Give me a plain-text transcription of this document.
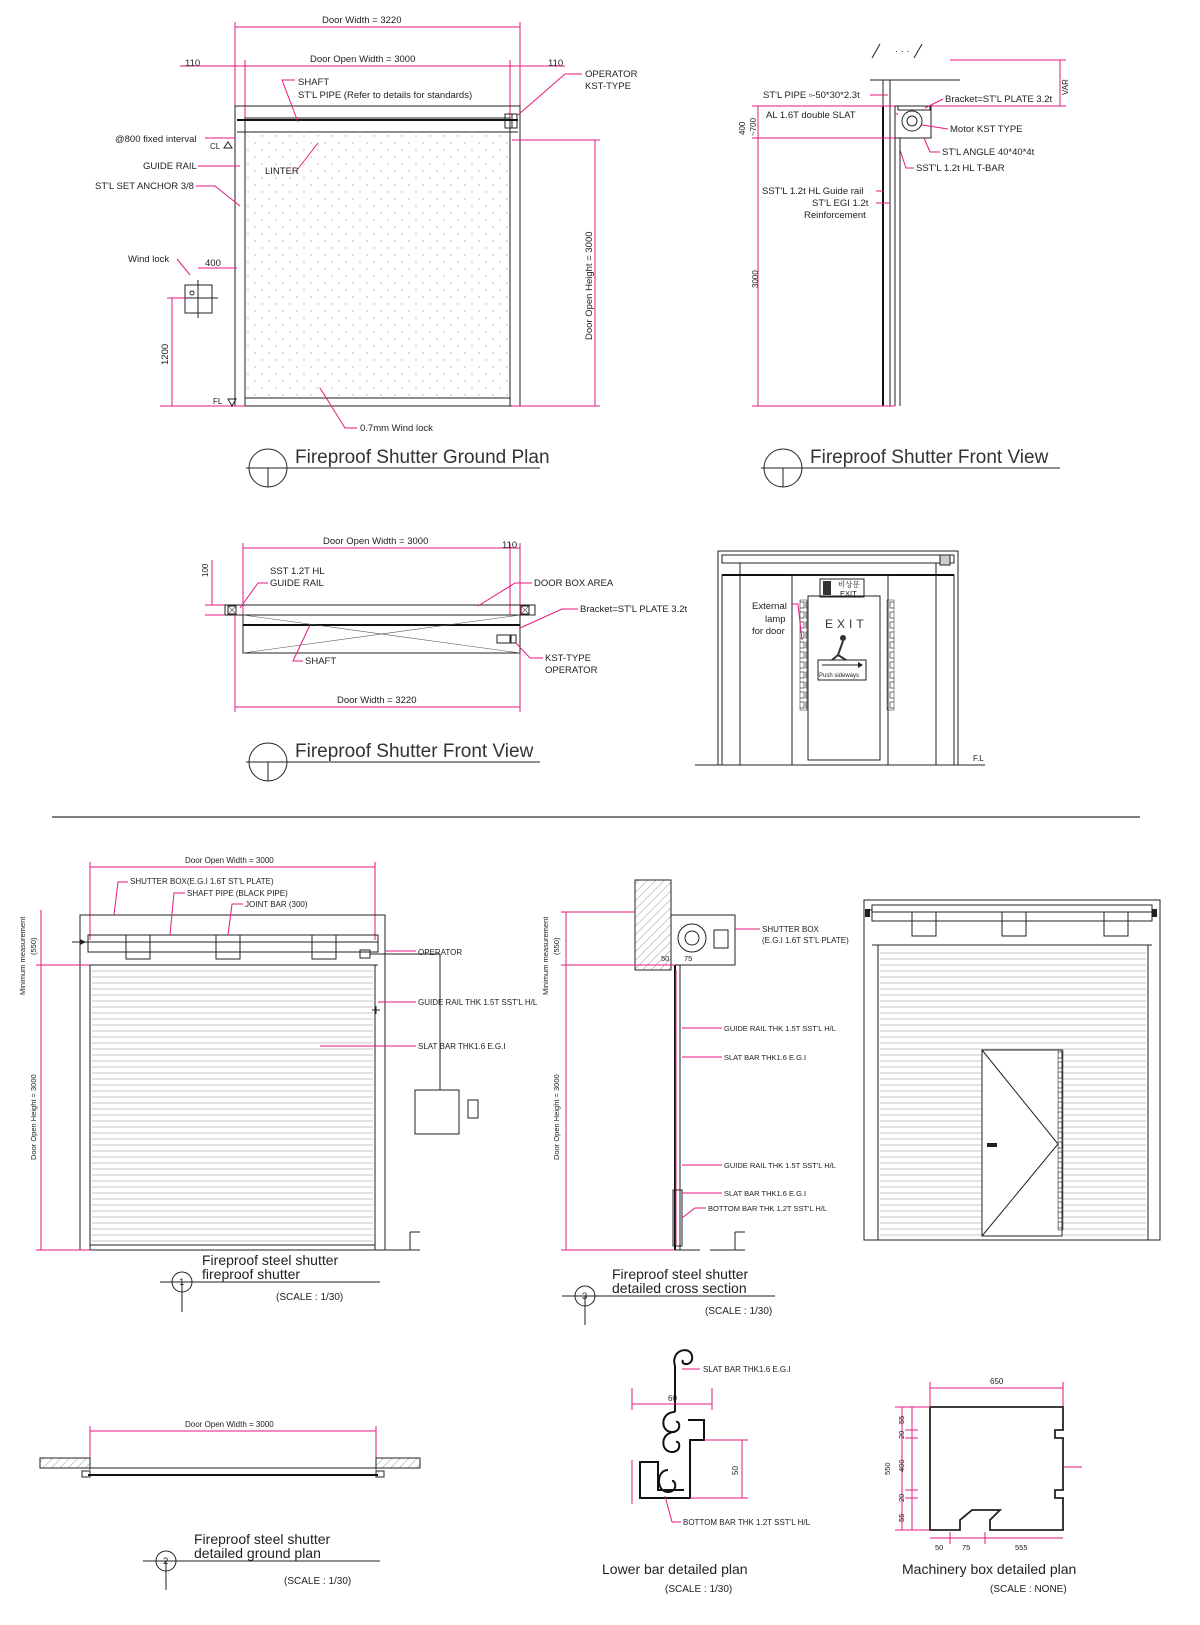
Door Width = 3220
Door Open Width = 3000
110	110
Door Open Height = 3000
SHAFT
ST'L PIPE (Refer to details for standards)
OPERATOR
KST-TYPE
@800 fixed interval
CL
GUIDE RAIL
ST'L SET ANCHOR 3/8
LINTER
Wind lock	400
1200
FL
0.7mm Wind lock
Fireproof Shutter Ground Plan
· · ·
VAR
ST'L PIPE ▫-50*30*2.3t	Bracket=ST'L PLATE 3.2t
AL 1.6T double SLAT
Motor KST TYPE
ST'L ANGLE 40*40*4t
SST'L 1.2t HL T-BAR
400 ~700
SST'L 1.2t HL Guide rail
ST'L EGI 1.2t
Reinforcement
3000
Fireproof Shutter Front View
Door Open Width = 3000	110
100	SST 1.2T HL
GUIDE RAIL	DOOR BOX AREA
Bracket=ST'L PLATE 3.2t
KST-TYPE
OPERATOR
SHAFT
Door Width = 3220
Fireproof Shutter Front View
비상문
EXIT
EXIT
Push sideways
External
lamp
for door
F.L
Door Open Width = 3000
SHUTTER BOX(E.G.I 1.6T ST'L PLATE)
SHAFT PIPE (BLACK PIPE)
JOINT BAR (300)
OPERATOR
GUIDE RAIL THK 1.5T SST'L H/L
SLAT BAR THK1.6 E.G.I
Minimum measurement (550)
Door Open Height = 3000
1
Fireproof steel shutter
fireproof shutter
(SCALE : 1/30)
50 75
SHUTTER BOX
(E.G.I 1.6T ST'L PLATE)
GUIDE RAIL THK 1.5T SST'L H/L
SLAT BAR THK1.6 E.G.I
GUIDE RAIL THK 1.5T SST'L H/L
SLAT BAR THK1.6 E.G.I
BOTTOM BAR THK 1.2T SST'L H/L
Minimum measurement (550)
Door Open Height = 3000
3
Fireproof steel shutter
detailed cross section
(SCALE : 1/30)
Door Open Width = 3000
2
Fireproof steel shutter
detailed ground plan
(SCALE : 1/30)
SLAT BAR THK1.6 E.G.I
60
50
BOTTOM BAR THK 1.2T SST'L H/L
Lower bar detailed plan
(SCALE : 1/30)
650
550
55
20
400
20
55
50 75	555
Machinery box detailed plan
(SCALE : NONE)
